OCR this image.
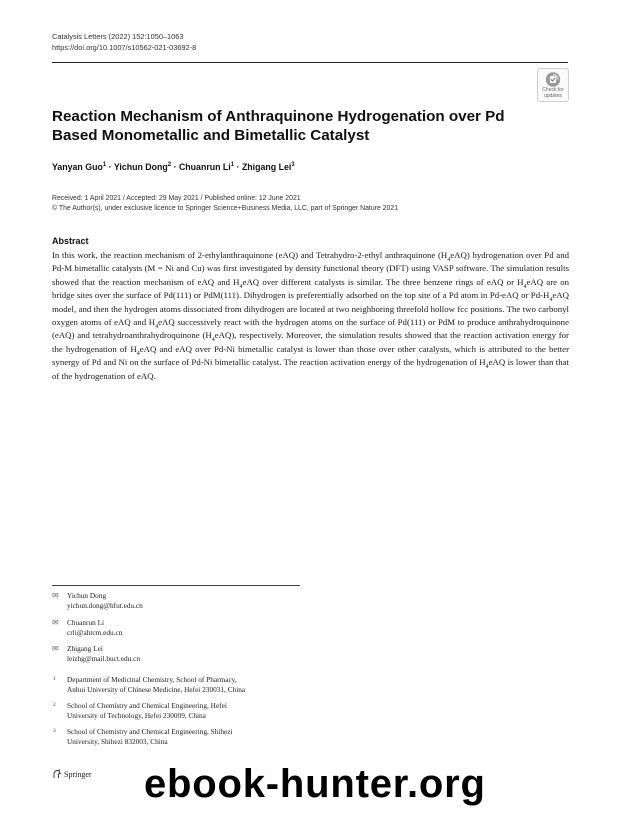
Catalysis Letters (2022) 152:1050–1063
https://doi.org/10.1007/s10562-021-03692-8
Check for
updates
Reaction Mechanism of Anthraquinone Hydrogenation over Pd Based Monometallic and Bimetallic Catalyst
Yanyan Guo$^1$ · Yichun Dong$^2$ · Chuanrun $Li^1$ · Zhigang Lei$^3$
Received: 1 April 2021 / Accepted: 29 May 2021 / Published online: 12 June 2021
© The Author(s), under exclusive licence to Springer Science+Business Media, LLC, part of Springer Nature 2021
Abstract
In this work, the reaction mechanism of 2-ethylanthraquinone (eAQ) and Tetrahydro-2-ethyl anthraquinone $(H_4eAQ)$ hydrogenation over Pd and Pd-M bimetallic catalysts (M = Ni and Cu) was first investigated by density functional theory (DFT) using VASP software. The simulation results showed that the reaction mechanism of eAQ and $H_4eAQ$ over different catalysts is similar. The three benzene rings of eAQ or $H_4eAQ$ are on bridge sites over the surface of Pd(111) or PdM(111). Dihydrogen is preferentially adsorbed on the top site of a Pd atom in Pd-eAQ or $Pd-H_4eAQ$ model, and then the hydrogen atoms dissociated from dihydrogen are located at two neighboring threefold hollow fcc positions. The two carbonyl oxygen atoms of eAQ and $H_4eAQ$ successively react with the hydrogen atoms on the surface of Pd(111) or PdM to produce anthrahydroquinone (eAQ) and tetrahydroanthrahydroquinone $(H_4eAQ)$, respectively. Moreover, the simulation results showed that the reaction activation energy for the hydrogenation of $H_4eAQ$ and eAQ over Pd-Ni bimetallic catalyst is lower than those over other catalysts, which is attributed to the better synergy of Pd and Ni on the surface of Pd-Ni bimetallic catalyst. The reaction activation energy of the hydrogenation of $H_4eAQ$ is lower than that of the hydrogenation of eAQ.
✉	Yichun Dong
yichun.dong@hfut.edu.cn
✉	Chuanrun Li
crli@ahtcm.edu.cn
✉	Zhigang Lei
leizhg@mail.buct.edu.cn
1 Department of Medicinal Chemistry, School of Pharmacy,
Anhui University of Chinese Medicine, Hefei 230031, China
2 School of Chemistry and Chemical Engineering, Hefei
University of Technology, Hefei 230009, China
3 School of Chemistry and Chemical Engineering, Shihezi
University, Shihezi 832003, China
Springer ebook-hunter.org
